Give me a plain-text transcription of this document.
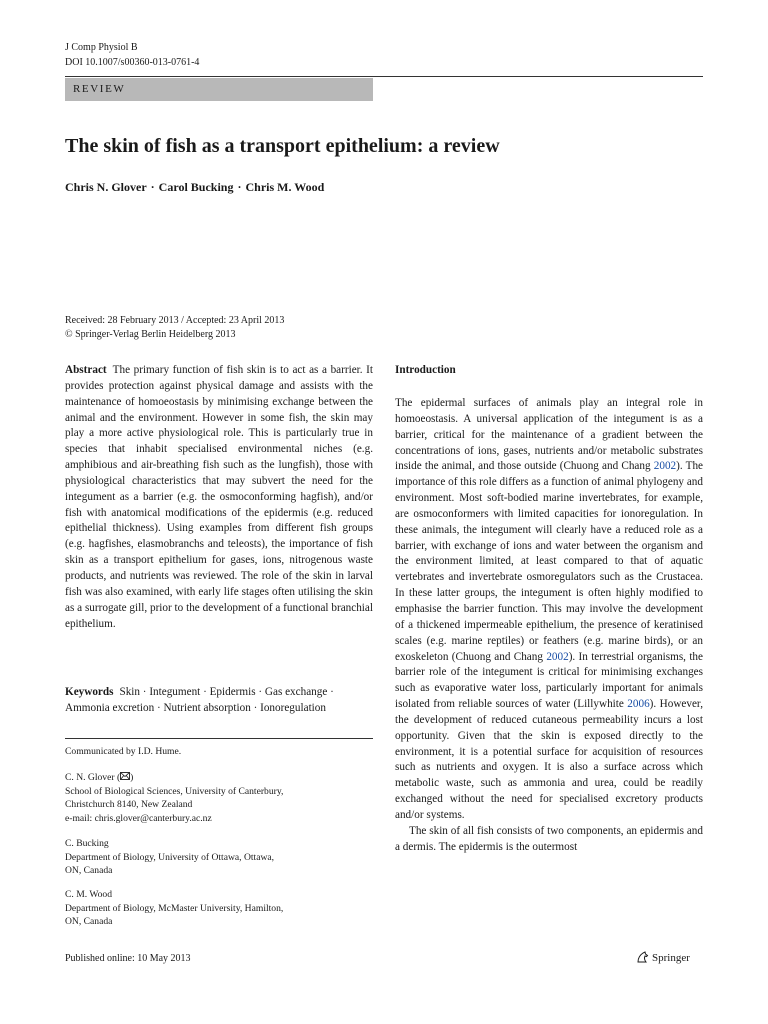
J Comp Physiol B
DOI 10.1007/s00360-013-0761-4
REVIEW
The skin of fish as a transport epithelium: a review
Chris N. Glover · Carol Bucking · Chris M. Wood
Received: 28 February 2013 / Accepted: 23 April 2013
© Springer-Verlag Berlin Heidelberg 2013

Abstract The primary function of fish skin is to act as a barrier. It provides protection against physical damage and assists with the maintenance of homoeostasis by minimising exchange between the animal and the environment. However in some fish, the skin may play a more active physiological role. This is particularly true in species that inhabit specialised environmental niches (e.g. amphibious and air-breathing fish such as the lungfish), those with physiological characteristics that may subvert the need for the integument as a barrier (e.g. the osmoconforming hagfish), and/or fish with anatomical modifications of the epidermis (e.g. reduced epithelial thickness). Using examples from different fish groups (e.g. hagfishes, elasmobranchs and teleosts), the importance of fish skin as a transport epithelium for gases, ions, nitrogenous waste products, and nutrients was reviewed. The role of the skin in larval fish was also examined, with early life stages often utilising the skin as a surrogate gill, prior to the development of a functional branchial epithelium.

Keywords Skin · Integument · Epidermis · Gas exchange · Ammonia excretion · Nutrient absorption · Ionoregulation

Communicated by I.D. Hume.

C. N. Glover ( )

School of Biological Sciences, University of Canterbury,

Christchurch 8140, New Zealand

e-mail: chris.glover@canterbury.ac.nz

C. Bucking

Department of Biology, University of Ottawa, Ottawa,

ON, Canada

C. M. Wood

Department of Biology, McMaster University, Hamilton,

ON, Canada

Introduction

The epidermal surfaces of animals play an integral role in homoeostasis. A universal application of the integument is as a barrier, critical for the maintenance of a gradient between the concentrations of ions, gases, nutrients and/or metabolic substrates inside the animal, and those outside (Chuong and Chang 2002). The importance of this role differs as a function of animal phylogeny and environment. Most soft-bodied marine invertebrates, for example, are osmoconformers with limited capacities for ionoregulation. In these animals, the integument will clearly have a reduced role as a barrier, with exchange of ions and water between the organism and the environment limited, at least compared to that of aquatic vertebrates and invertebrate osmoregulators such as the Crustacea. In these latter groups, the integument is often highly modified to emphasise the barrier function. This may involve the development of a thickened impermeable epithelium, the presence of keratinised scales (e.g. marine reptiles) or feathers (e.g. marine birds), or an exoskeleton (Chuong and Chang 2002). In terrestrial organisms, the barrier role of the integument is critical for minimising exchanges such as evaporative water loss, particularly important for animals isolated from reliable sources of water (Lillywhite 2006). However, the development of reduced cutaneous permeability incurs a lost opportunity. Given that the skin is exposed directly to the environment, it is a potential surface for acquisition of resources such as nutrients and oxygen. It is also a surface across which metabolic waste, such as ammonia and urea, could be readily exchanged without the need for specialised excretory products and/or systems.

The skin of all fish consists of two components, an epidermis and a dermis. The epidermis is the outermost

Published online: 10 May 2013	Springer
